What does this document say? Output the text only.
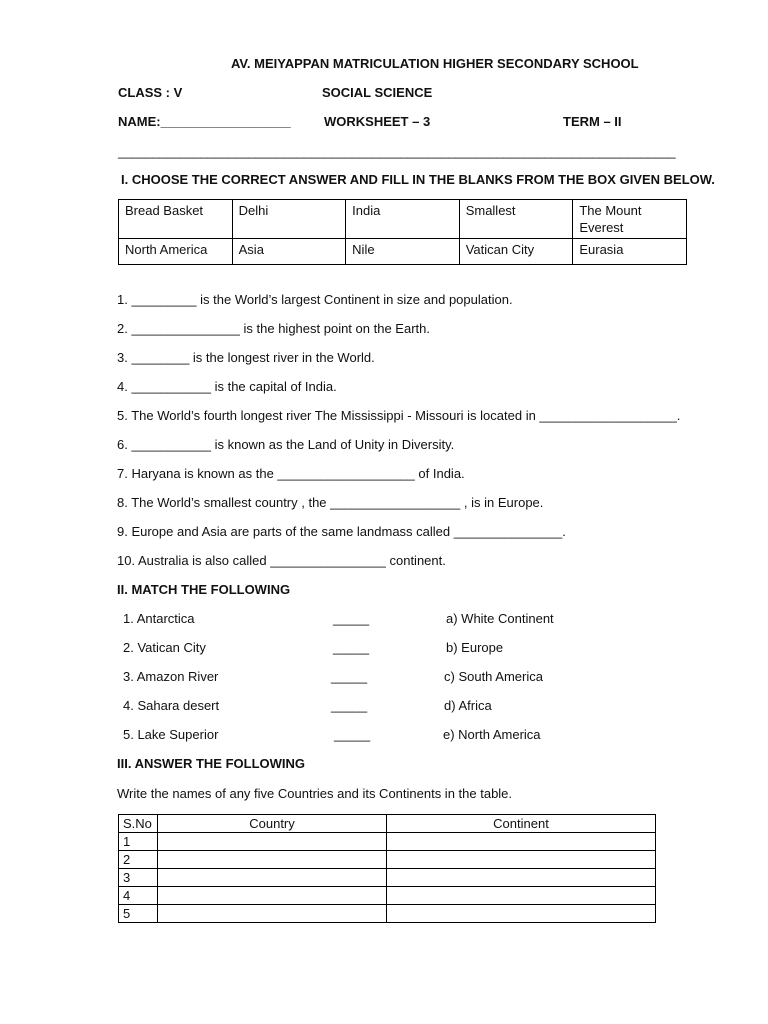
AV. MEIYAPPAN MATRICULATION HIGHER SECONDARY SCHOOL
CLASS : V	SOCIAL SCIENCE
NAME:__________________	WORKSHEET – 3	TERM – II
_________________________________________________________________________________
I. CHOOSE THE CORRECT ANSWER AND FILL IN THE BLANKS FROM THE BOX GIVEN BELOW.
Bread Basket	Delhi	India	Smallest	The Mount Everest
North America	Asia	Nile	Vatican City	Eurasia
1. _________ is the World’s largest Continent in size and population.
2. _______________ is the highest point on the Earth.
3. ________ is the longest river in the World.
4. ___________ is the capital of India.
5. The World’s fourth longest river The Mississippi - Missouri is located in ___________________.
6. ___________ is known as the Land of Unity in Diversity.
7. Haryana is known as the ___________________ of India.
8. The World’s smallest country , the __________________ , is in Europe.
9. Europe and Asia are parts of the same landmass called _______________.
10. Australia is also called ________________ continent.
II. MATCH THE FOLLOWING
1. Antarctica	_____	a) White Continent
2. Vatican City	_____	b) Europe
3. Amazon River	_____	c) South America
4. Sahara desert	_____	d) Africa
5. Lake Superior	_____	e) North America
III. ANSWER THE FOLLOWING
Write the names of any five Countries and its Continents in the table.
S.No	Country	Continent
1		
2		
3		
4		
5		
